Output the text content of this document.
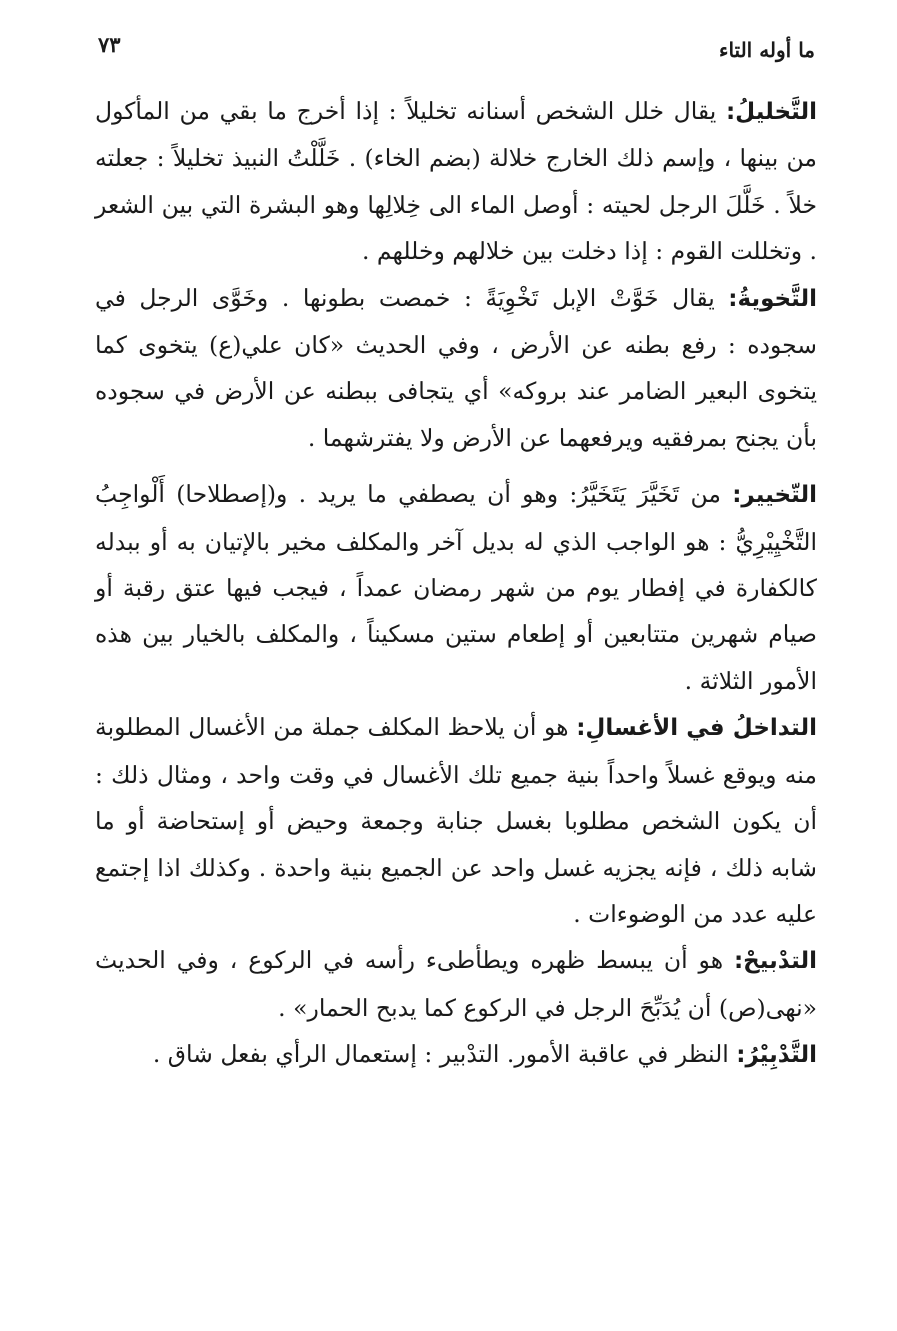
ما أوله التاء
٧٣

التَّخليلُ: يقال خلل الشخص أسنانه تخليلاً : إذا أخرج ما بقي من المأكول من بينها ، وإسم ذلك الخارج خلالة (بضم الخاء) . خَلَّلْتُ النبيذ تخليلاً : جعلته خلاً . خَلَّلَ الرجل لحيته : أوصل الماء الى خِلالِها وهو البشرة التي بين الشعر . وتخللت القوم : إذا دخلت بين خلالهم وخللهم .

التَّخويةُ: يقال خَوَّتْ الإبل تَخْوِيَةً : خمصت بطونها . وخَوَّى الرجل في سجوده : رفع بطنه عن الأرض ، وفي الحديث «كان علي(ع) يتخوى كما يتخوى البعير الضامر عند بروكه» أي يتجافى ببطنه عن الأرض في سجوده بأن يجنح بمرفقيه ويرفعهما عن الأرض ولا يفترشهما .

التّخيير: من تَخَيَّرَ يَتَخَيَّرُ: وهو أن يصطفي ما يريد . و(إصطلاحا) أَلْواجِبُ التَّخْيِيْرِيُّ : هو الواجب الذي له بديل آخر والمكلف مخير بالإتيان به أو ببدله كالكفارة في إفطار يوم من شهر رمضان عمداً ، فيجب فيها عتق رقبة أو صيام شهرين متتابعين أو إطعام ستين مسكيناً ، والمكلف بالخيار بين هذه الأمور الثلاثة .

التداخلُ في الأغسالِ: هو أن يلاحظ المكلف جملة من الأغسال المطلوبة منه ويوقع غسلاً واحداً بنية جميع تلك الأغسال في وقت واحد ، ومثال ذلك : أن يكون الشخص مطلوبا بغسل جنابة وجمعة وحيض أو إستحاضة أو ما شابه ذلك ، فإنه يجزيه غسل واحد عن الجميع بنية واحدة . وكذلك اذا إجتمع عليه عدد من الوضوءات .

التدْبيحْ: هو أن يبسط ظهره ويطأطىء رأسه في الركوع ، وفي الحديث «نهى(ص) أن يُدَبِّحَ الرجل في الركوع كما يدبح الحمار» .

التَّدْبِيْرُ: النظر في عاقبة الأمور. التدْبير : إستعمال الرأي بفعل شاق .
